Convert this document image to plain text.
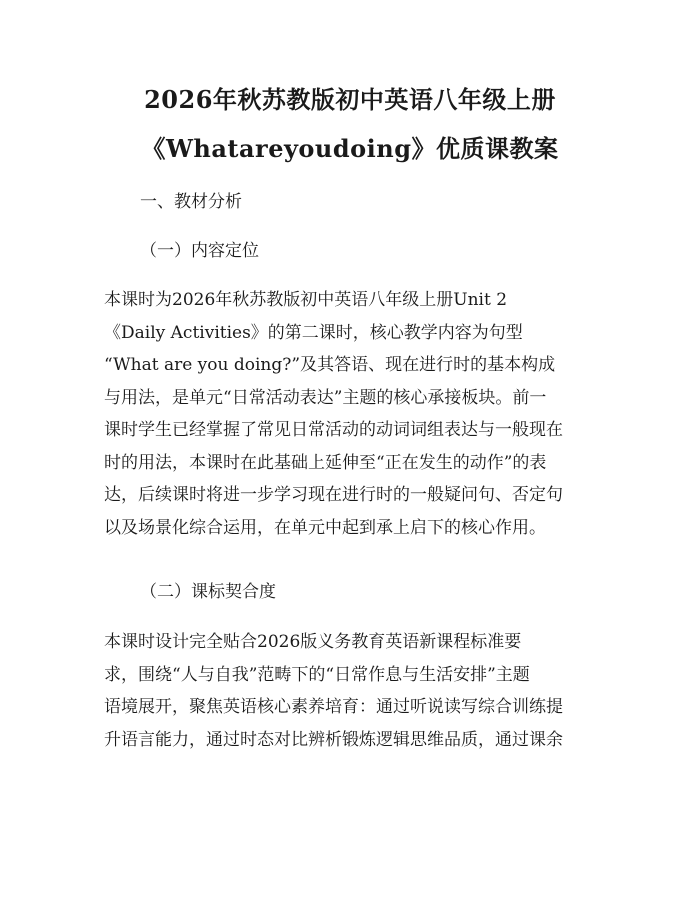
2026年秋苏教版初中英语八年级上册
《Whatareyoudoing》优质课教案

一、教材分析

（一）内容定位

本课时为2026年秋苏教版初中英语八年级上册Unit 2
《Daily Activities》的第二课时，核心教学内容为句型
“What are you doing?”及其答语、现在进行时的基本构成
与用法，是单元“日常活动表达”主题的核心承接板块。前一
课时学生已经掌握了常见日常活动的动词词组表达与一般现在
时的用法，本课时在此基础上延伸至“正在发生的动作”的表
达，后续课时将进一步学习现在进行时的一般疑问句、否定句
以及场景化综合运用，在单元中起到承上启下的核心作用。

（二）课标契合度

本课时设计完全贴合2026版义务教育英语新课程标准要
求，围绕“人与自我”范畴下的“日常作息与生活安排”主题
语境展开，聚焦英语核心素养培育：通过听说读写综合训练提
升语言能力，通过时态对比辨析锻炼逻辑思维品质，通过课余
